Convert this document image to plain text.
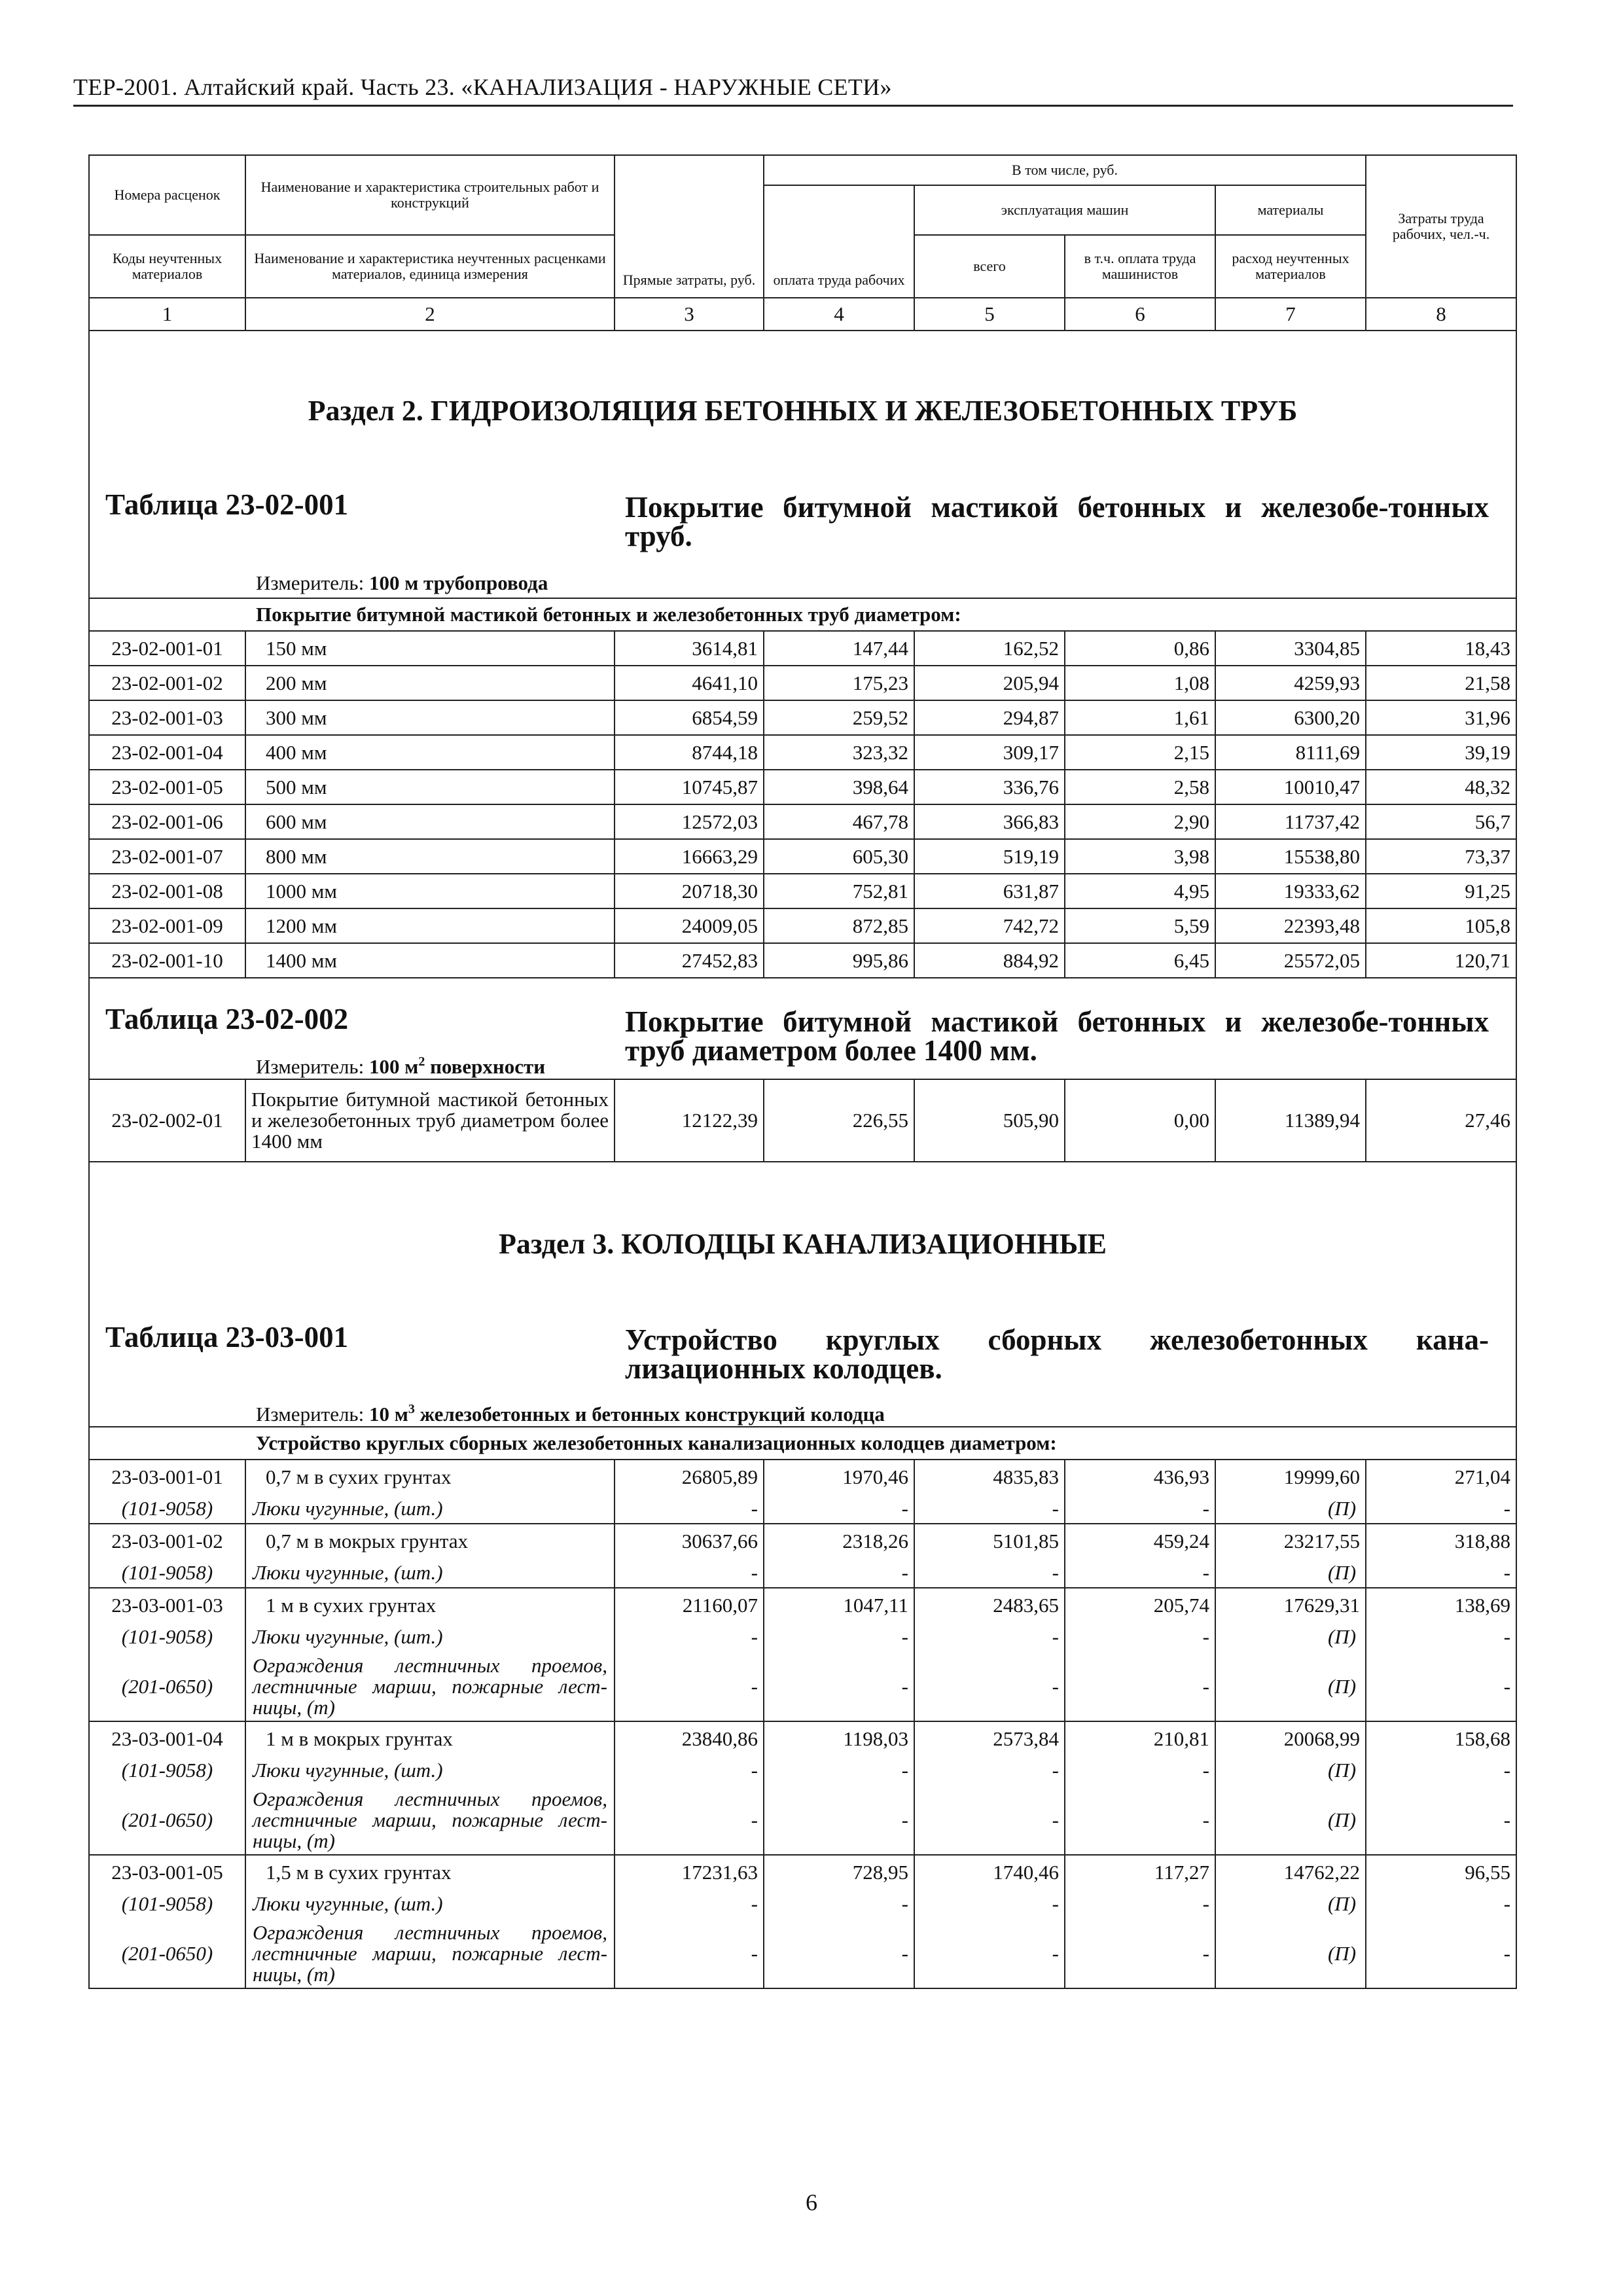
ТЕР-2001. Алтайский край. Часть 23. «КАНАЛИЗАЦИЯ - НАРУЖНЫЕ СЕТИ»
Номера расценок	Наименование и характеристика строительных работ и конструкций	Прямые затраты, руб.	В том числе, руб.				Затраты труда рабочих, чел.-ч.
			оплата труда рабочих	эксплуатация машин		материалы	
Коды неучтенных материалов	Наименование и характеристика неучтенных расценками материалов, единица измерения			всего	в т.ч. оплата труда машинистов	расход неучтенных материалов	
1	2	3	4	5	6	7	8
Раздел 2. ГИДРОИЗОЛЯЦИЯ БЕТОННЫХ И ЖЕЛЕЗОБЕТОННЫХ ТРУБ							

Таблица 23-02-001 Покрытие битумной мастикой бетонных и железобе-тонных труб.							

Измеритель: 100 м трубопровода							
Покрытие битумной мастикой бетонных и железобетонных труб диаметром:							
23-02-001-01	150 мм	3614,81	147,44	162,52	0,86	3304,85	18,43
23-02-001-02	200 мм	4641,10	175,23	205,94	1,08	4259,93	21,58
23-02-001-03	300 мм	6854,59	259,52	294,87	1,61	6300,20	31,96
23-02-001-04	400 мм	8744,18	323,32	309,17	2,15	8111,69	39,19
23-02-001-05	500 мм	10745,87	398,64	336,76	2,58	10010,47	48,32
23-02-001-06	600 мм	12572,03	467,78	366,83	2,90	11737,42	56,7
23-02-001-07	800 мм	16663,29	605,30	519,19	3,98	15538,80	73,37
23-02-001-08	1000 мм	20718,30	752,81	631,87	4,95	19333,62	91,25
23-02-001-09	1200 мм	24009,05	872,85	742,72	5,59	22393,48	105,8
23-02-001-10	1400 мм	27452,83	995,86	884,92	6,45	25572,05	120,71

Таблица 23-02-002 Покрытие битумной мастикой бетонных и железобе-тонных труб диаметром более 1400 мм.							

Измеритель: 100 $м^2$ поверхности							
23-02-002-01	Покрытие битумной мастикой бетонных и железобетонных труб диаметром более 1400 мм	12122,39	226,55	505,90	0,00	11389,94	27,46
Раздел 3. КОЛОДЦЫ КАНАЛИЗАЦИОННЫЕ							

Таблица 23-03-001 Устройство круглых сборных железобетонных кана-лизационных колодцев.							

Измеритель: 10 $м^3$ железобетонных и бетонных конструкций колодца							
Устройство круглых сборных железобетонных канализационных колодцев диаметром:							
23-03-001-01	0,7 м в сухих грунтах	26805,89	1970,46	4835,83	436,93	19999,60	271,04
(101-9058)	Люки чугунные, (шт.)	-	-	-	-	(П)	-
23-03-001-02	0,7 м в мокрых грунтах	30637,66	2318,26	5101,85	459,24	23217,55	318,88
(101-9058)	Люки чугунные, (шт.)	-	-	-	-	(П)	-
23-03-001-03	1 м в сухих грунтах	21160,07	1047,11	2483,65	205,74	17629,31	138,69
(101-9058)	Люки чугунные, (шт.)	-	-	-	-	(П)	-
(201-0650)	Ограждения лестничных проемов, лестничные марши, пожарные лест-ницы, (т)	-	-	-	-	(П)	-
23-03-001-04	1 м в мокрых грунтах	23840,86	1198,03	2573,84	210,81	20068,99	158,68
(101-9058)	Люки чугунные, (шт.)	-	-	-	-	(П)	-
(201-0650)	Ограждения лестничных проемов, лестничные марши, пожарные лест-ницы, (т)	-	-	-	-	(П)	-
23-03-001-05	1,5 м в сухих грунтах	17231,63	728,95	1740,46	117,27	14762,22	96,55
(101-9058)	Люки чугунные, (шт.)	-	-	-	-	(П)	-
(201-0650)	Ограждения лестничных проемов, лестничные марши, пожарные лест-ницы, (т)	-	-	-	-	(П)	-
6
